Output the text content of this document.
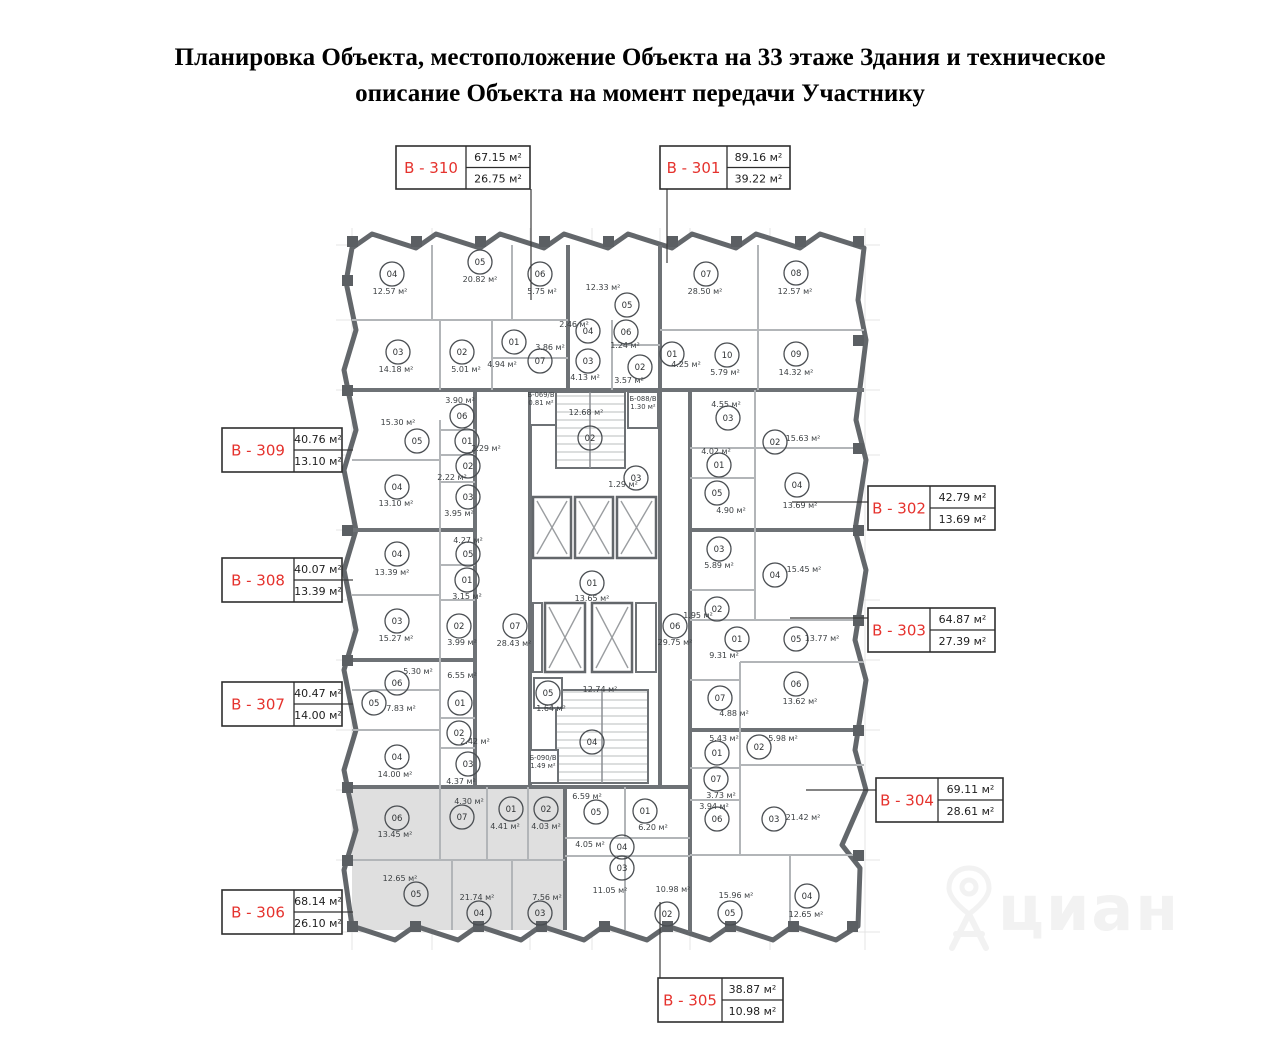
Планировка Объекта, местоположение Объекта на 33 этаже Здания и техническое
описание Объекта на момент передачи Участнику
циан
04
12.57 м²
05
20.82 м²	06
5.75 м²
03
14.18 м²
02
5.01 м²
01
4.94 м² 07
3.86 м²
05
12.33 м²
06
1.24 м²
04
2.46 м²
03
4.13 м²
02
3.57 м²
01
4.25 м²
07
28.50 м²
08
12.57 м²
10
5.79 м²
09
14.32 м²
05
15.30 м²
06
3.90 м²
01
2.29 м²
02
2.22 м²
04
13.10 м²
03
3.95 м²
04
13.39 м²
05
4.27 м²
01
3.15 м²
03
15.27 м²
02
3.99 м²
06
5.30 м²
01
6.55 м²
05 7.83 м²
02
2.42 м²
04
14.00 м²
03
4.37 м²
06
13.45 м²
07
4.30 м²
01
4.41 м²
02
4.03 м²
05
12.65 м²
04
21.74 м²
03
7.56 м²
05
6.59 м²
01
6.20 м²
04
4.05 м²
03
11.05 м²
02
10.98 м²
01
5.43 м²
02
5.98 м²
07
3.73 м²
06
3.94 м²
03 21.42 м²
05
15.96 м²	04
12.65 м²
03
5.89 м²
04
15.45 м²
02
1.95 м²
01
9.31 м²
05 13.77 м²
06
13.62 м²
07
4.88 м²
03
4.55 м²
02 15.63 м²
01
4.02 м²
05
4.90 м²
04
13.69 м²
07
28.43 м²
06
29.75 м²
01
13.65 м²
02
12.68 м²
03
1.29 м²
04
12.74 м²
05
1.64 м²
Б-069/В
0.81 м²	Б-088/В
1.30 м²
Б-090/В
1.49 м²
В - 310
67.15 м²
26.75 м²
В - 301
89.16 м²
39.22 м²
В - 309
40.76 м²
13.10 м²
В - 302
42.79 м²
13.69 м²
В - 308
40.07 м²
13.39 м²
В - 303
64.87 м²
27.39 м²
В - 307
40.47 м²
14.00 м²
В - 304
69.11 м²
28.61 м²
В - 306
68.14 м²
26.10 м²
В - 305
38.87 м²
10.98 м²
